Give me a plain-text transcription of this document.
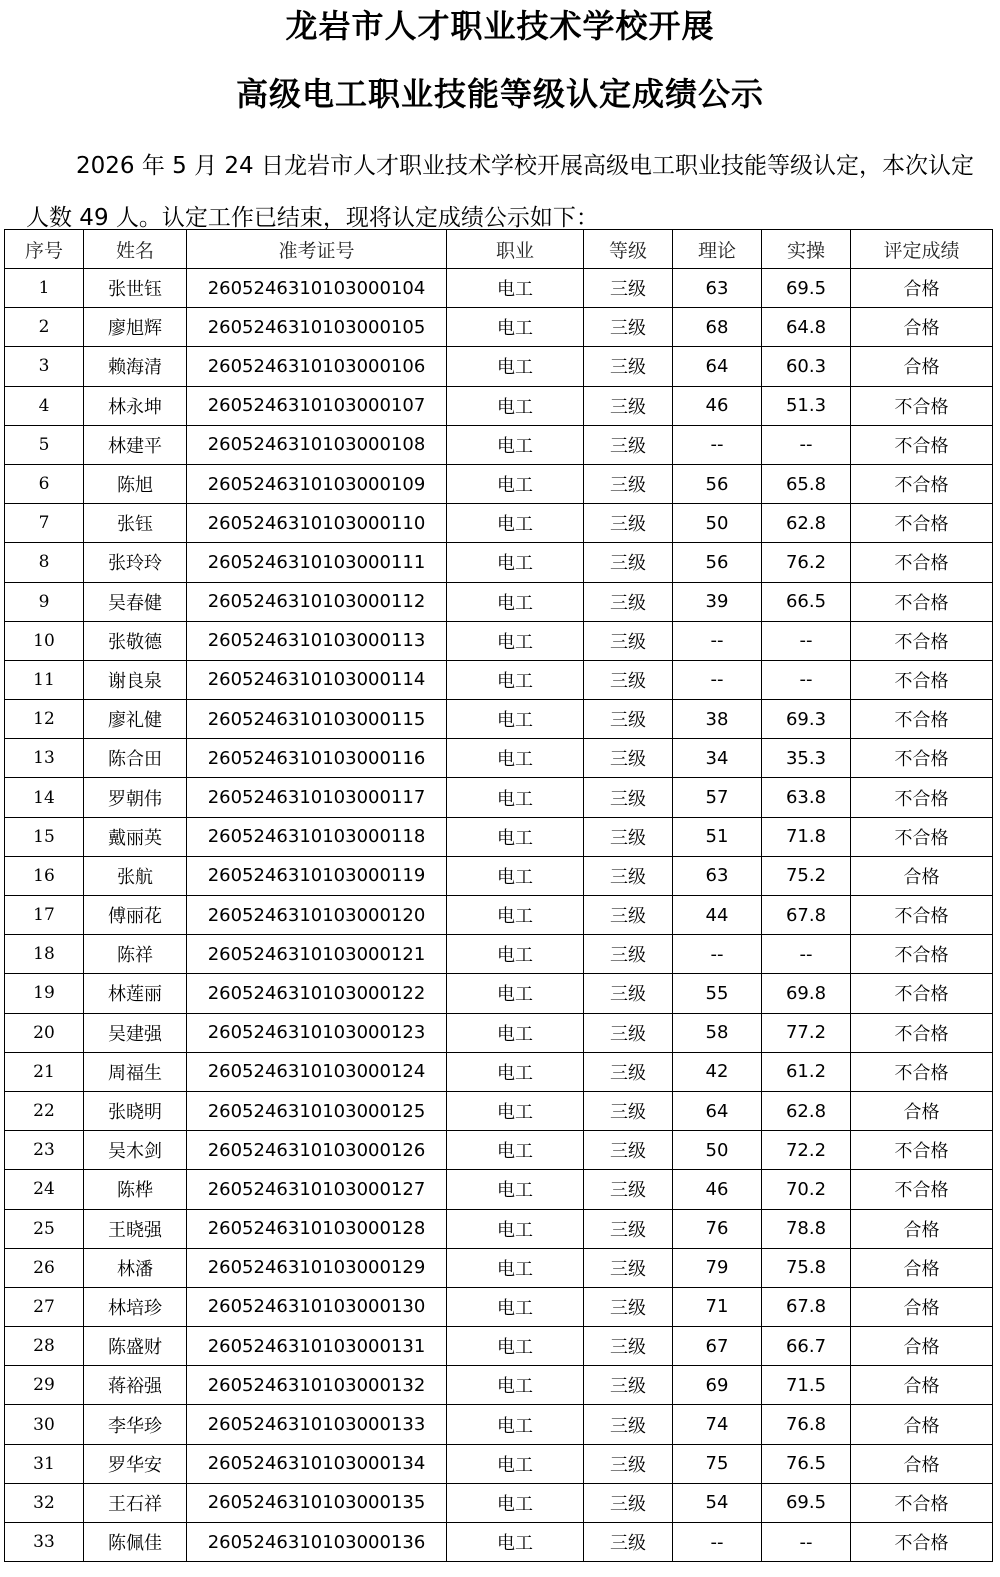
龙岩市人才职业技术学校开展
高级电工职业技能等级认定成绩公示

2026 年 5 月 24 日龙岩市人才职业技术学校开展高级电工职业技能等级认定，本次认定人数 49 人。认定工作已结束，现将认定成绩公示如下：

序号	姓名	准考证号	职业	等级	理论	实操	评定成绩
1	张世钰	2605246310103000104	电工	三级	63	69.5	合格
2	廖旭辉	2605246310103000105	电工	三级	68	64.8	合格
3	赖海清	2605246310103000106	电工	三级	64	60.3	合格
4	林永坤	2605246310103000107	电工	三级	46	51.3	不合格
5	林建平	2605246310103000108	电工	三级	--	--	不合格
6	陈旭	2605246310103000109	电工	三级	56	65.8	不合格
7	张钰	2605246310103000110	电工	三级	50	62.8	不合格
8	张玲玲	2605246310103000111	电工	三级	56	76.2	不合格
9	吴春健	2605246310103000112	电工	三级	39	66.5	不合格
10	张敬德	2605246310103000113	电工	三级	--	--	不合格
11	谢良泉	2605246310103000114	电工	三级	--	--	不合格
12	廖礼健	2605246310103000115	电工	三级	38	69.3	不合格
13	陈合田	2605246310103000116	电工	三级	34	35.3	不合格
14	罗朝伟	2605246310103000117	电工	三级	57	63.8	不合格
15	戴丽英	2605246310103000118	电工	三级	51	71.8	不合格
16	张航	2605246310103000119	电工	三级	63	75.2	合格
17	傅丽花	2605246310103000120	电工	三级	44	67.8	不合格
18	陈祥	2605246310103000121	电工	三级	--	--	不合格
19	林莲丽	2605246310103000122	电工	三级	55	69.8	不合格
20	吴建强	2605246310103000123	电工	三级	58	77.2	不合格
21	周福生	2605246310103000124	电工	三级	42	61.2	不合格
22	张晓明	2605246310103000125	电工	三级	64	62.8	合格
23	吴木剑	2605246310103000126	电工	三级	50	72.2	不合格
24	陈桦	2605246310103000127	电工	三级	46	70.2	不合格
25	王晓强	2605246310103000128	电工	三级	76	78.8	合格
26	林潘	2605246310103000129	电工	三级	79	75.8	合格
27	林培珍	2605246310103000130	电工	三级	71	67.8	合格
28	陈盛财	2605246310103000131	电工	三级	67	66.7	合格
29	蒋裕强	2605246310103000132	电工	三级	69	71.5	合格
30	李华珍	2605246310103000133	电工	三级	74	76.8	合格
31	罗华安	2605246310103000134	电工	三级	75	76.5	合格
32	王石祥	2605246310103000135	电工	三级	54	69.5	不合格
33	陈佩佳	2605246310103000136	电工	三级	--	--	不合格
